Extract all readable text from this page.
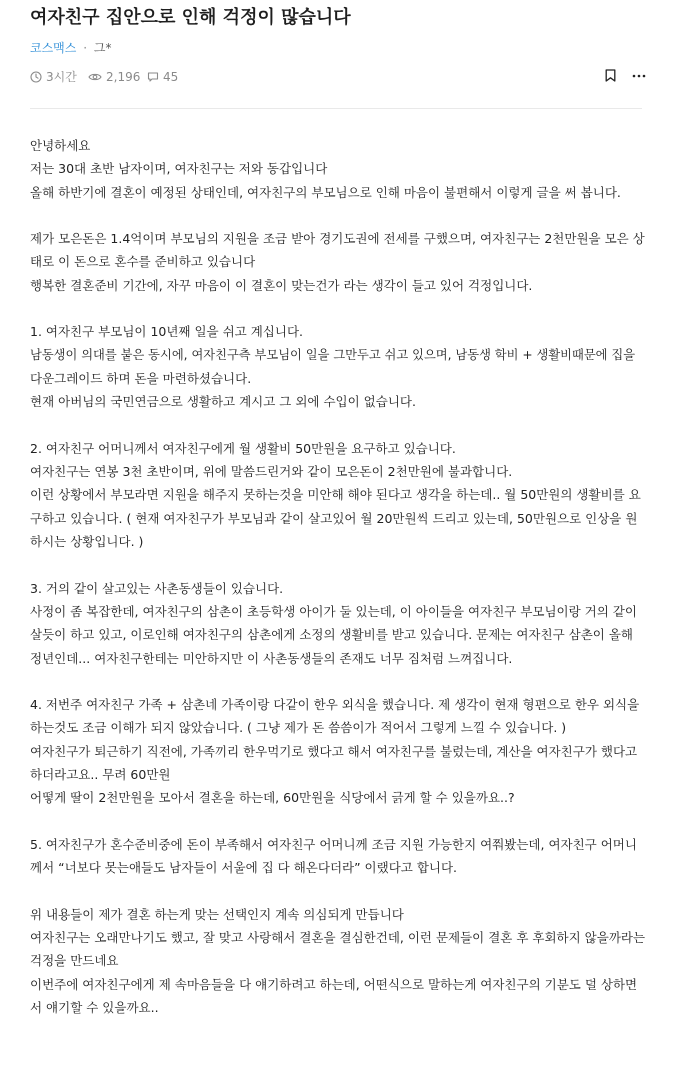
여자친구 집안으로 인해 걱정이 많습니다
코스맥스 · 그*
3시간 2,196 45
안녕하세요
저는 30대 초반 남자이며, 여자친구는 저와 동갑입니다
올해 하반기에 결혼이 예정된 상태인데, 여자친구의 부모님으로 인해 마음이 불편해서 이렇게 글을 써 봅니다.
제가 모은돈은 1.4억이며 부모님의 지원을 조금 받아 경기도권에 전세를 구했으며, 여자친구는 2천만원을 모은 상
태로 이 돈으로 혼수를 준비하고 있습니다
행복한 결혼준비 기간에, 자꾸 마음이 이 결혼이 맞는건가 라는 생각이 들고 있어 걱정입니다.
1. 여자친구 부모님이 10년째 일을 쉬고 계십니다.
남동생이 의대를 붙은 동시에, 여자친구측 부모님이 일을 그만두고 쉬고 있으며, 남동생 학비 + 생활비때문에 집을
다운그레이드 하며 돈을 마련하셨습니다.
현재 아버님의 국민연금으로 생활하고 계시고 그 외에 수입이 없습니다.
2. 여자친구 어머니께서 여자친구에게 월 생활비 50만원을 요구하고 있습니다.
여자친구는 연봉 3천 초반이며, 위에 말씀드린거와 같이 모은돈이 2천만원에 불과합니다.
이런 상황에서 부모라면 지원을 해주지 못하는것을 미안해 해야 된다고 생각을 하는데.. 월 50만원의 생활비를 요
구하고 있습니다. ( 현재 여자친구가 부모님과 같이 살고있어 월 20만원씩 드리고 있는데, 50만원으로 인상을 원
하시는 상황입니다. )
3. 거의 같이 살고있는 사촌동생들이 있습니다.
사정이 좀 복잡한데, 여자친구의 삼촌이 초등학생 아이가 둘 있는데, 이 아이들을 여자친구 부모님이랑 거의 같이
살듯이 하고 있고, 이로인해 여자친구의 삼촌에게 소정의 생활비를 받고 있습니다. 문제는 여자친구 삼촌이 올해
정년인데... 여자친구한테는 미안하지만 이 사촌동생들의 존재도 너무 짐처럼 느껴집니다.
4. 저번주 여자친구 가족 + 삼촌네 가족이랑 다같이 한우 외식을 했습니다. 제 생각이 현재 형편으로 한우 외식을
하는것도 조금 이해가 되지 않았습니다. ( 그냥 제가 돈 씀씀이가 적어서 그렇게 느낄 수 있습니다. )
여자친구가 퇴근하기 직전에, 가족끼리 한우먹기로 했다고 해서 여자친구를 불렀는데, 계산을 여자친구가 했다고
하더라고요.. 무려 60만원
어떻게 딸이 2천만원을 모아서 결혼을 하는데, 60만원을 식당에서 긁게 할 수 있을까요..?
5. 여자친구가 혼수준비중에 돈이 부족해서 여자친구 어머니께 조금 지원 가능한지 여쭤봤는데, 여자친구 어머니
께서 “너보다 못는애들도 남자들이 서울에 집 다 해온다더라” 이랬다고 합니다.
위 내용들이 제가 결혼 하는게 맞는 선택인지 계속 의심되게 만듭니다
여자친구는 오래만나기도 했고, 잘 맞고 사랑해서 결혼을 결심한건데, 이런 문제들이 결혼 후 후회하지 않을까라는
걱정을 만드네요
이번주에 여자친구에게 제 속마음들을 다 얘기하려고 하는데, 어떤식으로 말하는게 여자친구의 기분도 덜 상하면
서 얘기할 수 있을까요..
